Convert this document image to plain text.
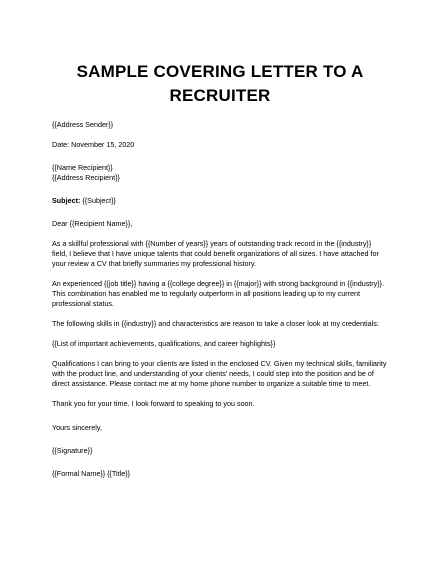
SAMPLE COVERING LETTER TO A RECRUITER
{{Address Sender}}
Date: November 15, 2020
{{Name Recipient}}
{{Address Recipient}}
Subject: {{Subject}}
Dear {{Recipient Name}},

As a skillful professional with {{Number of years}} years of outstanding track record in the {{industry}} field, I believe that I have unique talents that could benefit organizations of all sizes. I have attached for your review a CV that briefly summaries my professional history.

An experienced {{job title}} having a {{college degree}} in {{major}} with strong background in {{industry}}. This combination has enabled me to regularly outperform in all positions leading up to my current professional status.

The following skills in {{industry}} and characteristics are reason to take a closer look at my credentials:

{{List of important achievements, qualifications, and career highlights}}

Qualifications I can bring to your clients are listed in the enclosed CV. Given my technical skills, familiarity with the product line, and understanding of your clients' needs, I could step into the position and be of direct assistance. Please contact me at my home phone number to organize a suitable time to meet.

Thank you for your time. I look forward to speaking to you soon.

Yours sincerely,
{{Signature}}
{{Formal Name}} {{Title}}
